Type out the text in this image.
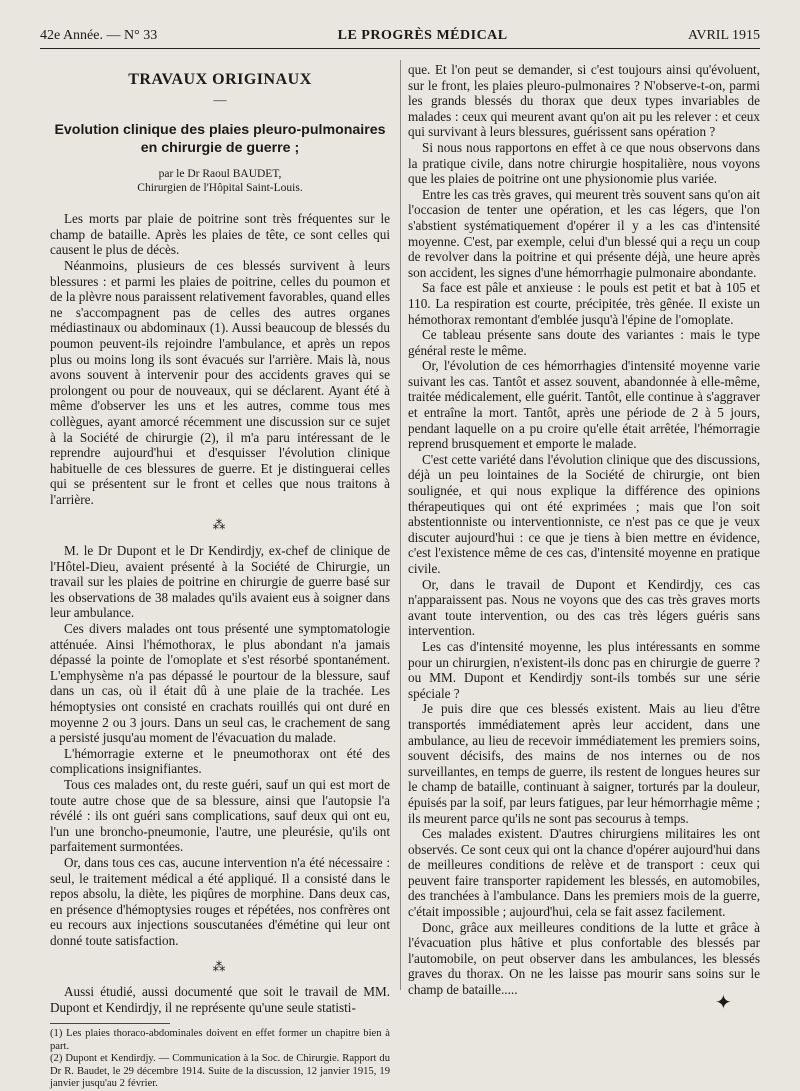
42e Année. — N° 33	LE PROGRÈS MÉDICAL	AVRIL 1915
TRAVAUX ORIGINAUX
—
Evolution clinique des plaies pleuro-pulmonaires en chirurgie de guerre ;
par le Dr Raoul BAUDET,
Chirurgien de l'Hôpital Saint-Louis.

Les morts par plaie de poitrine sont très fréquentes sur le champ de bataille. Après les plaies de tête, ce sont celles qui causent le plus de décès.

Néanmoins, plusieurs de ces blessés survivent à leurs blessures : et parmi les plaies de poitrine, celles du poumon et de la plèvre nous paraissent relativement favorables, quand elles ne s'accompagnent pas de celles des autres organes médiastinaux ou abdominaux (1). Aussi beaucoup de blessés du poumon peuvent-ils rejoindre l'ambulance, et après un repos plus ou moins long ils sont évacués sur l'arrière. Mais là, nous avons souvent à intervenir pour des accidents graves qui se prolongent ou pour de nouveaux, qui se déclarent. Ayant été à même d'observer les uns et les autres, comme tous mes collègues, ayant amorcé récemment une discussion sur ce sujet à la Société de chirurgie (2), il m'a paru intéressant de le reprendre aujourd'hui et d'esquisser l'évolution clinique habituelle de ces blessures de guerre. Et je distinguerai celles qui se présentent sur le front et celles que nous traitons à l'arrière.

⁂

M. le Dr Dupont et le Dr Kendirdjy, ex-chef de clinique de l'Hôtel-Dieu, avaient présenté à la Société de Chirurgie, un travail sur les plaies de poitrine en chirurgie de guerre basé sur les observations de 38 malades qu'ils avaient eus à soigner dans leur ambulance.

Ces divers malades ont tous présenté une symptomatologie atténuée. Ainsi l'hémothorax, le plus abondant n'a jamais dépassé la pointe de l'omoplate et s'est résorbé spontanément. L'emphysème n'a pas dépassé le pourtour de la blessure, sauf dans un cas, où il était dû à une plaie de la trachée. Les hémoptysies ont consisté en crachats rouillés qui ont duré en moyenne 2 ou 3 jours. Dans un seul cas, le crachement de sang a persisté jusqu'au moment de l'évacuation du malade.

L'hémorragie externe et le pneumothorax ont été des complications insignifiantes.

Tous ces malades ont, du reste guéri, sauf un qui est mort de toute autre chose que de sa blessure, ainsi que l'autopsie l'a révélé : ils ont guéri sans complications, sauf deux qui ont eu, l'un une broncho-pneumonie, l'autre, une pleurésie, qu'ils ont parfaitement surmontées.

Or, dans tous ces cas, aucune intervention n'a été nécessaire : seul, le traitement médical a été appliqué. Il a consisté dans le repos absolu, la diète, les piqûres de morphine. Dans deux cas, en présence d'hémoptysies rouges et répétées, nos confrères ont eu recours aux injections souscutanées d'émétine qui leur ont donné toute satisfaction.

⁂

Aussi étudié, aussi documenté que soit le travail de MM. Dupont et Kendirdjy, il ne représente qu'une seule statisti-

(1) Les plaies thoraco-abdominales doivent en effet former un chapitre bien à part.

(2) Dupont et Kendirdjy. — Communication à la Soc. de Chirurgie. Rapport du Dr R. Baudet, le 29 décembre 1914. Suite de la discussion, 12 janvier 1915, 19 janvier jusqu'au 2 février.

que. Et l'on peut se demander, si c'est toujours ainsi qu'évoluent, sur le front, les plaies pleuro-pulmonaires ? N'observe-t-on, parmi les grands blessés du thorax que deux types invariables de malades : ceux qui meurent avant qu'on ait pu les relever : et ceux qui survivant à leurs blessures, guérissent sans opération ?

Si nous nous rapportons en effet à ce que nous observons dans la pratique civile, dans notre chirurgie hospitalière, nous voyons que les plaies de poitrine ont une physionomie plus variée.

Entre les cas très graves, qui meurent très souvent sans qu'on ait l'occasion de tenter une opération, et les cas légers, que l'on s'abstient systématiquement d'opérer il y a les cas d'intensité moyenne. C'est, par exemple, celui d'un blessé qui a reçu un coup de revolver dans la poitrine et qui présente déjà, une heure après son accident, les signes d'une hémorrhagie pulmonaire abondante.

Sa face est pâle et anxieuse : le pouls est petit et bat à 105 et 110. La respiration est courte, précipitée, très gênée. Il existe un hémothorax remontant d'emblée jusqu'à l'épine de l'omoplate.

Ce tableau présente sans doute des variantes : mais le type général reste le même.

Or, l'évolution de ces hémorrhagies d'intensité moyenne varie suivant les cas. Tantôt et assez souvent, abandonnée à elle-même, traitée médicalement, elle guérit. Tantôt, elle continue à s'aggraver et entraîne la mort. Tantôt, après une période de 2 à 5 jours, pendant laquelle on a pu croire qu'elle était arrêtée, l'hémorragie reprend brusquement et emporte le malade.

C'est cette variété dans l'évolution clinique que des discussions, déjà un peu lointaines de la Société de chirurgie, ont bien soulignée, et qui nous explique la différence des opinions thérapeutiques qui ont été exprimées ; mais que l'on soit abstentionniste ou interventionniste, ce n'est pas ce que je veux discuter aujourd'hui : ce que je tiens à bien mettre en évidence, c'est l'existence même de ces cas, d'intensité moyenne en pratique civile.

Or, dans le travail de Dupont et Kendirdjy, ces cas n'apparaissent pas. Nous ne voyons que des cas très graves morts avant toute intervention, ou des cas très légers guéris sans intervention.

Les cas d'intensité moyenne, les plus intéressants en somme pour un chirurgien, n'existent-ils donc pas en chirurgie de guerre ? ou MM. Dupont et Kendirdjy sont-ils tombés sur une série spéciale ?

Je puis dire que ces blessés existent. Mais au lieu d'être transportés immédiatement après leur accident, dans une ambulance, au lieu de recevoir immédiatement les premiers soins, souvent décisifs, des mains de nos internes ou de nos surveillantes, en temps de guerre, ils restent de longues heures sur le champ de bataille, continuant à saigner, torturés par la douleur, épuisés par la soif, par leurs fatigues, par leur hémorrhagie même ; ils meurent parce qu'ils ne sont pas secourus à temps.

Ces malades existent. D'autres chirurgiens militaires les ont observés. Ce sont ceux qui ont la chance d'opérer aujourd'hui dans de meilleures conditions de relève et de transport : ceux qui peuvent faire transporter rapidement les blessés, en automobiles, des tranchées à l'ambulance. Dans les premiers mois de la guerre, c'était impossible ; aujourd'hui, cela se fait assez facilement.

Donc, grâce aux meilleures conditions de la lutte et grâce à l'évacuation plus hâtive et plus confortable des blessés par l'automobile, on peut observer dans les ambulances, les blessés graves du thorax. On ne les laisse pas mourir sans soins sur le champ de bataille.....

✦
